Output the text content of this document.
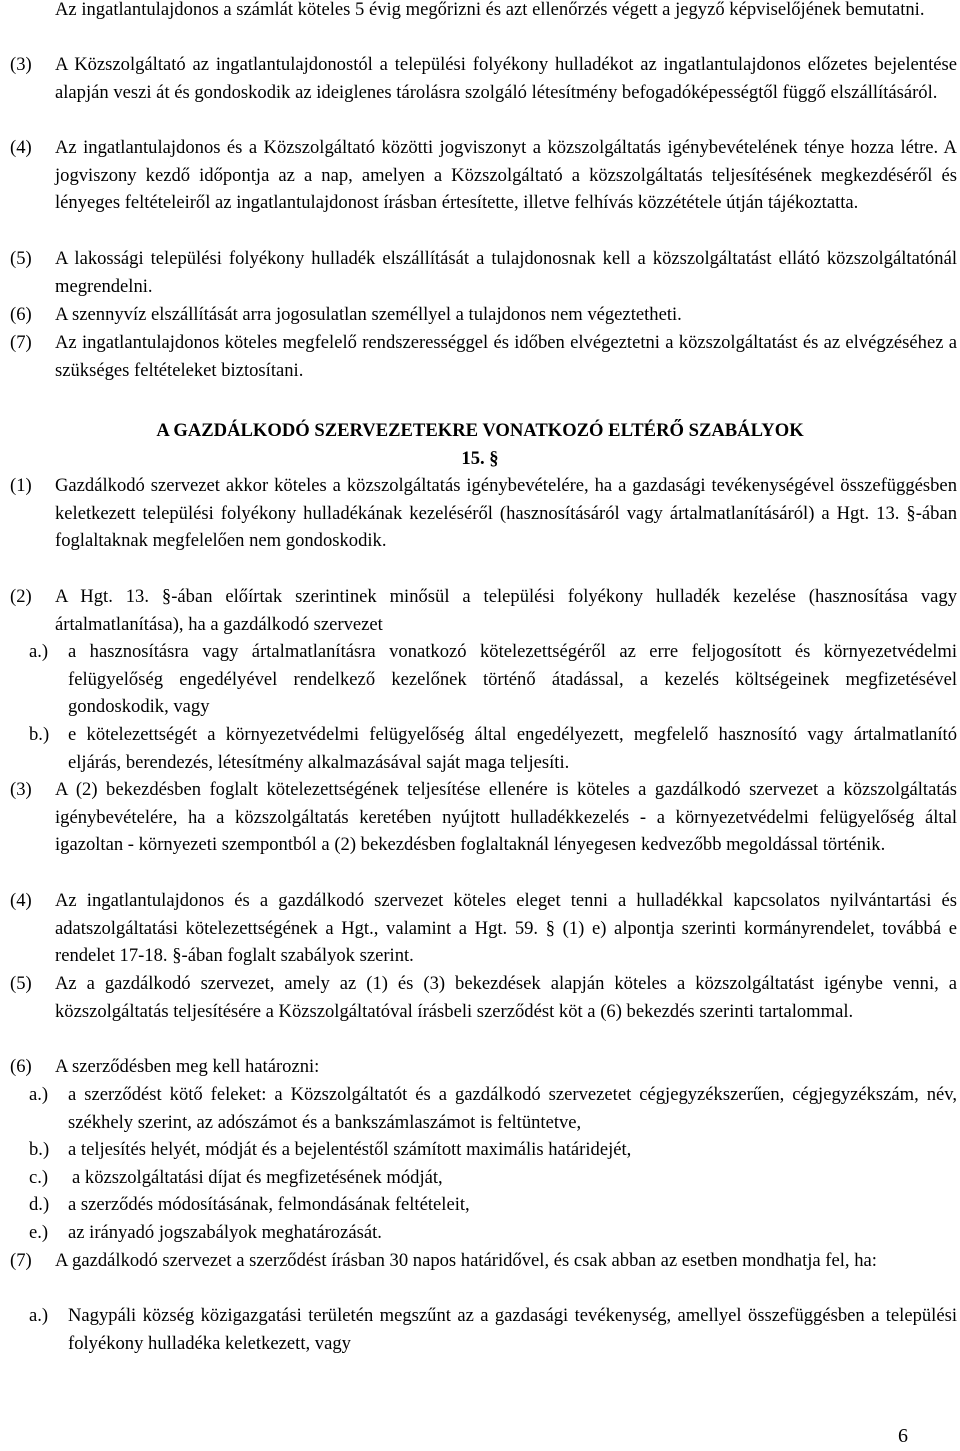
Az ingatlantulajdonos a számlát köteles 5 évig megőrizni és azt ellenőrzés végett a jegyző képviselőjének bemutatni.
(3) A Közszolgáltató az ingatlantulajdonostól a települési folyékony hulladékot az ingatlantulajdonos előzetes bejelentése alapján veszi át és gondoskodik az ideiglenes tárolásra szolgáló létesítmény befogadóképességtől függő elszállításáról.
(4) Az ingatlantulajdonos és a Közszolgáltató közötti jogviszonyt a közszolgáltatás igénybevételének ténye hozza létre. A jogviszony kezdő időpontja az a nap, amelyen a Közszolgáltató a közszolgáltatás teljesítésének megkezdéséről és lényeges feltételeiről az ingatlantulajdonost írásban értesítette, illetve felhívás közzététele útján tájékoztatta.
(5) A lakossági települési folyékony hulladék elszállítását a tulajdonosnak kell a közszolgáltatást ellátó közszolgáltatónál megrendelni.
(6) A szennyvíz elszállítását arra jogosulatlan személlyel a tulajdonos nem végeztetheti.
(7) Az ingatlantulajdonos köteles megfelelő rendszerességgel és időben elvégeztetni a közszolgáltatást és az elvégzéséhez a szükséges feltételeket biztosítani.
A GAZDÁLKODÓ SZERVEZETEKRE VONATKOZÓ ELTÉRŐ SZABÁLYOK
15. §
(1) Gazdálkodó szervezet akkor köteles a közszolgáltatás igénybevételére, ha a gazdasági tevékenységével összefüggésben keletkezett települési folyékony hulladékának kezeléséről (hasznosításáról vagy ártalmatlanításáról) a Hgt. 13. §-ában foglaltaknak megfelelően nem gondoskodik.
(2) A Hgt. 13. §-ában előírtak szerintinek minősül a települési folyékony hulladék kezelése (hasznosítása vagy ártalmatlanítása), ha a gazdálkodó szervezet
a.) a hasznosításra vagy ártalmatlanításra vonatkozó kötelezettségéről az erre feljogosított és környezetvédelmi felügyelőség engedélyével rendelkező kezelőnek történő átadással, a kezelés költségeinek megfizetésével gondoskodik, vagy
b.) e kötelezettségét a környezetvédelmi felügyelőség által engedélyezett, megfelelő hasznosító vagy ártalmatlanító eljárás, berendezés, létesítmény alkalmazásával saját maga teljesíti.
(3) A (2) bekezdésben foglalt kötelezettségének teljesítése ellenére is köteles a gazdálkodó szervezet a közszolgáltatás igénybevételére, ha a közszolgáltatás keretében nyújtott hulladékkezelés - a környezetvédelmi felügyelőség által igazoltan - környezeti szempontból a (2) bekezdésben foglaltaknál lényegesen kedvezőbb megoldással történik.
(4) Az ingatlantulajdonos és a gazdálkodó szervezet köteles eleget tenni a hulladékkal kapcsolatos nyilvántartási és adatszolgáltatási kötelezettségének a Hgt., valamint a Hgt. 59. § (1) e) alpontja szerinti kormányrendelet, továbbá e rendelet 17-18. §-ában foglalt szabályok szerint.
(5) Az a gazdálkodó szervezet, amely az (1) és (3) bekezdések alapján köteles a közszolgáltatást igénybe venni, a közszolgáltatás teljesítésére a Közszolgáltatóval írásbeli szerződést köt a (6) bekezdés szerinti tartalommal.
(6) A szerződésben meg kell határozni:
a.) a szerződést kötő feleket: a Közszolgáltatót és a gazdálkodó szervezetet cégjegyzékszerűen, cégjegyzékszám, név, székhely szerint, az adószámot és a bankszámlaszámot is feltüntetve,
b.) a teljesítés helyét, módját és a bejelentéstől számított maximális határidejét,
c.) a közszolgáltatási díjat és megfizetésének módját,
d.) a szerződés módosításának, felmondásának feltételeit,
e.) az irányadó jogszabályok meghatározását.
(7) A gazdálkodó szervezet a szerződést írásban 30 napos határidővel, és csak abban az esetben mondhatja fel, ha:
a.) Nagypáli község közigazgatási területén megszűnt az a gazdasági tevékenység, amellyel összefüggésben a települési folyékony hulladéka keletkezett, vagy
6
